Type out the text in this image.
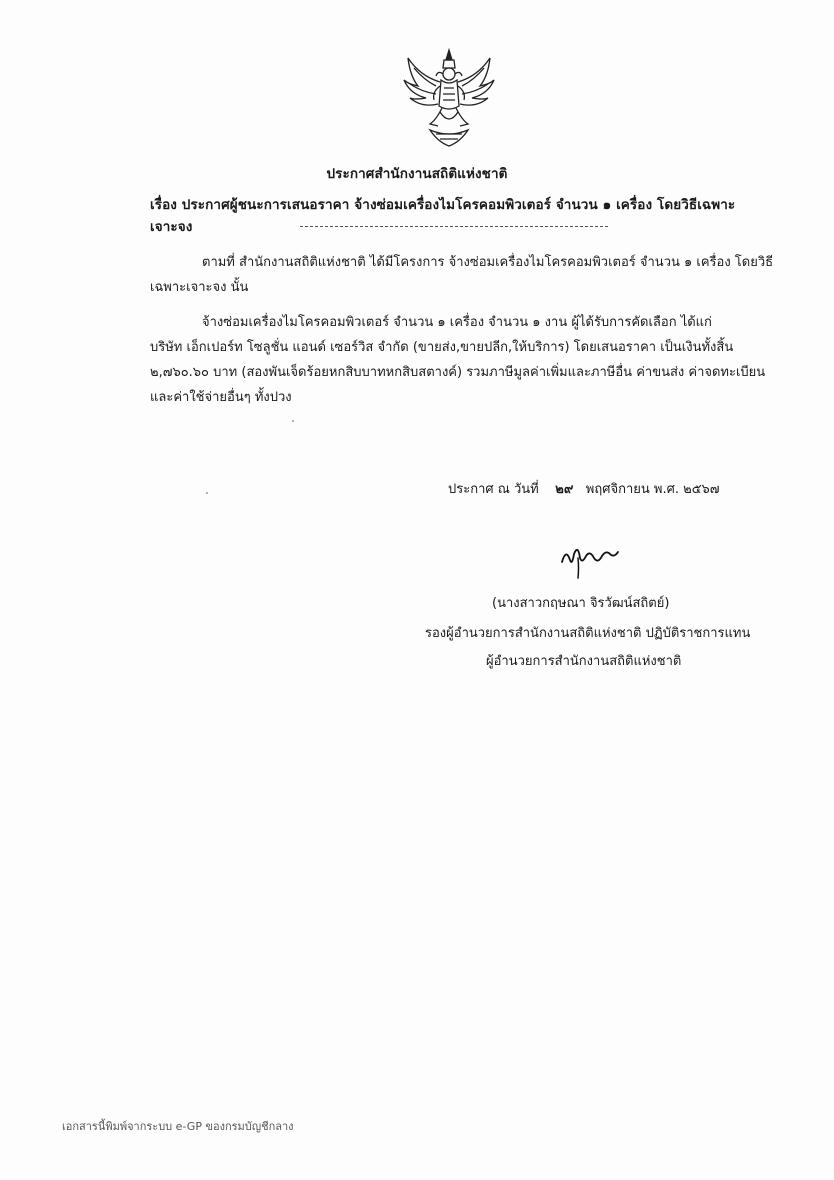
ประกาศสำนักงานสถิติแห่งชาติ
เรื่อง ประกาศผู้ชนะการเสนอราคา จ้างซ่อมเครื่องไมโครคอมพิวเตอร์ จำนวน ๑ เครื่อง โดยวิธีเฉพาะเจาะจง
ตามที่ สำนักงานสถิติแห่งชาติ ได้มีโครงการ จ้างซ่อมเครื่องไมโครคอมพิวเตอร์ จำนวน ๑ เครื่อง โดยวิธี
เฉพาะเจาะจง นั้น
จ้างซ่อมเครื่องไมโครคอมพิวเตอร์ จำนวน ๑ เครื่อง จำนวน ๑ งาน ผู้ได้รับการคัดเลือก ได้แก่
บริษัท เอ็กเปอร์ท โซลูชั่น แอนด์ เซอร์วิส จำกัด (ขายส่ง,ขายปลีก,ให้บริการ) โดยเสนอราคา เป็นเงินทั้งสิ้น
๒,๗๖๐.๖๐ บาท (สองพันเจ็ดร้อยหกสิบบาทหกสิบสตางค์) รวมภาษีมูลค่าเพิ่มและภาษีอื่น ค่าขนส่ง ค่าจดทะเบียน
และค่าใช้จ่ายอื่นๆ ทั้งปวง
ประกาศ ณ วันที่ ๒๙ พฤศจิกายน พ.ศ. ๒๕๖๗
(นางสาวกฤษณา จิรวัฒน์สถิตย์)
รองผู้อำนวยการสำนักงานสถิติแห่งชาติ ปฏิบัติราชการแทน
ผู้อำนวยการสำนักงานสถิติแห่งชาติ
เอกสารนี้พิมพ์จากระบบ e-GP ของกรมบัญชีกลาง
